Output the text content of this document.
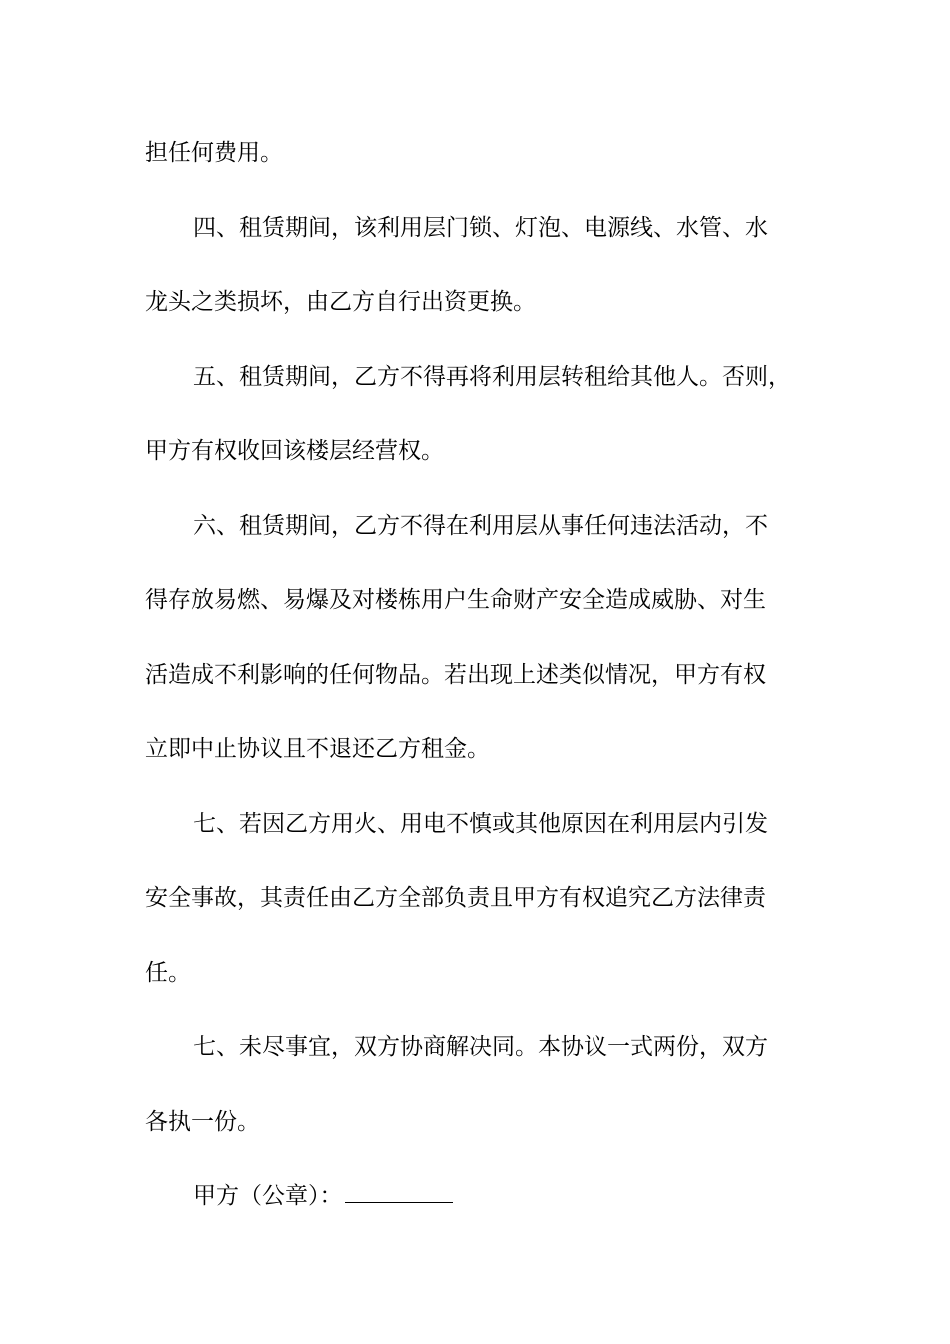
担任何费用。
四、租赁期间，该利用层门锁、灯泡、电源线、水管、水
龙头之类损坏，由乙方自行出资更换。
五、租赁期间，乙方不得再将利用层转租给其他人。否则，
甲方有权收回该楼层经营权。
六、租赁期间，乙方不得在利用层从事任何违法活动，不
得存放易燃、易爆及对楼栋用户生命财产安全造成威胁、对生
活造成不利影响的任何物品。若出现上述类似情况，甲方有权
立即中止协议且不退还乙方租金。
七、若因乙方用火、用电不慎或其他原因在利用层内引发
安全事故，其责任由乙方全部负责且甲方有权追究乙方法律责
任。
七、未尽事宜，双方协商解决同。本协议一式两份，双方
各执一份。
甲方（公章）：
